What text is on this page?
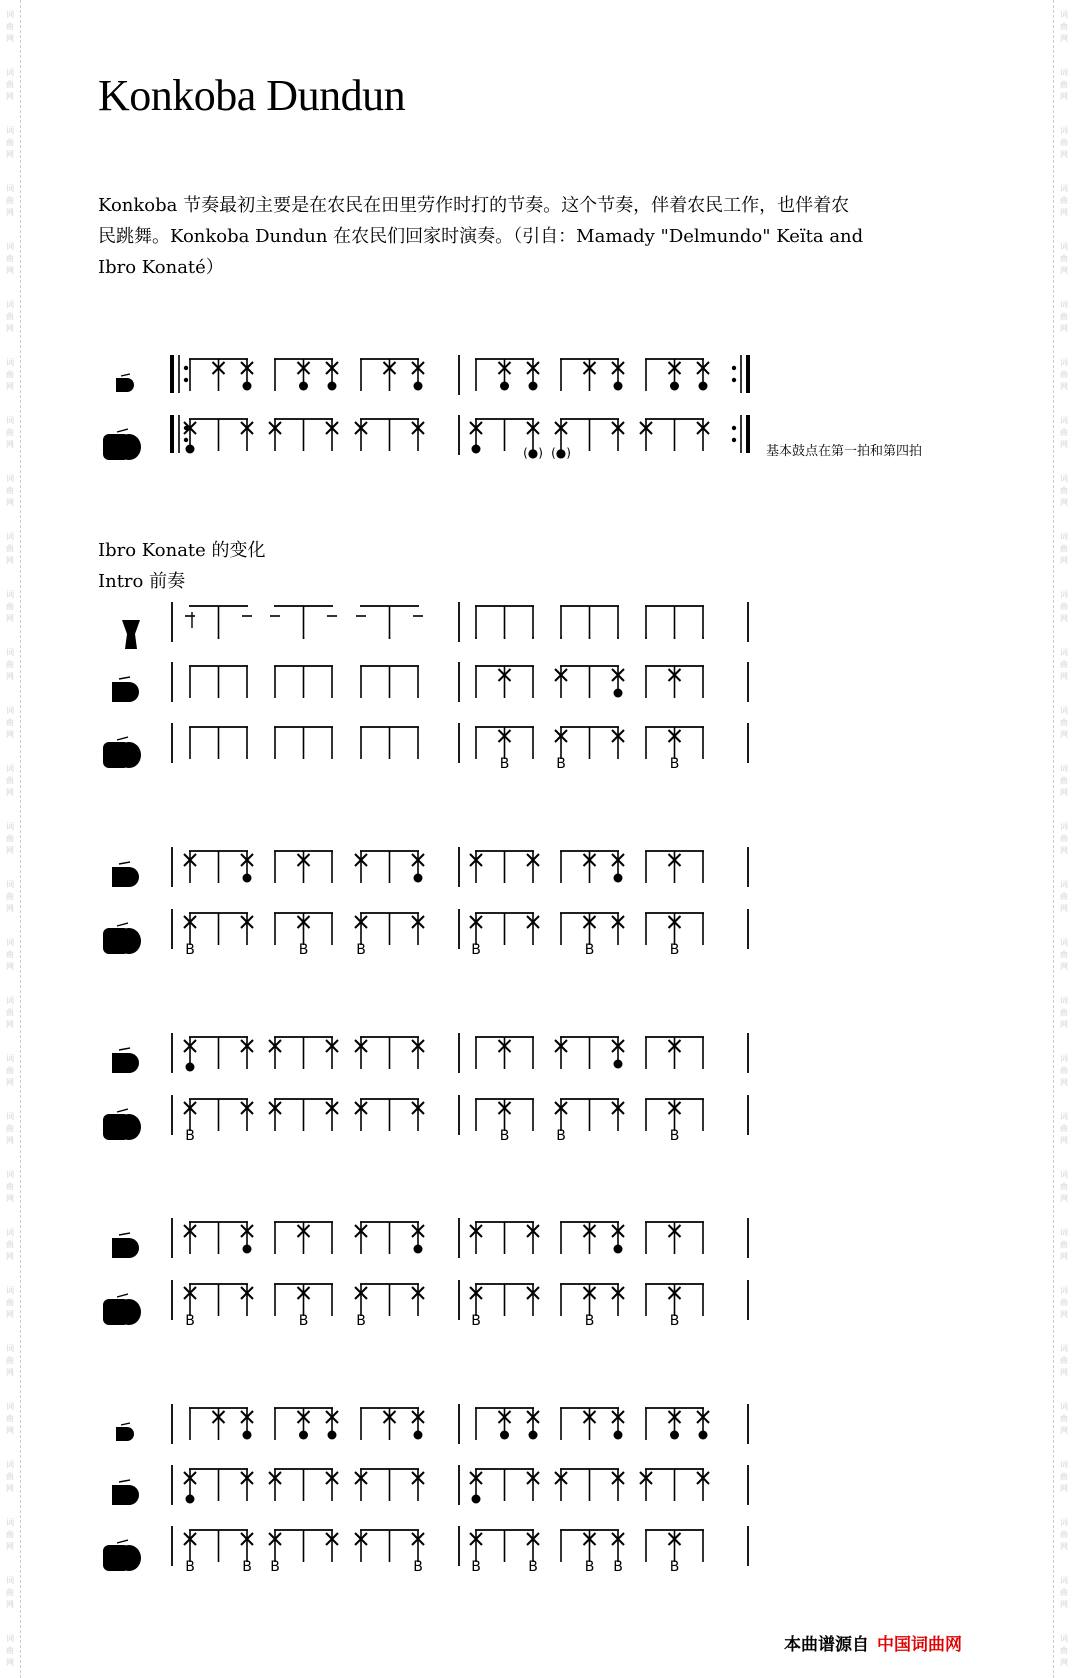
词
曲
网
词
曲
网
词
曲
网
词
曲
网
词
曲
网
词
曲
网
词
曲
网
词
曲
网
词
曲
网
词
曲
网
词
曲
网
词
曲
网
词
曲
网
词
曲
网
词
曲
网
词
曲
网
词
曲
网
词
曲
网
词
曲
网
词
曲
网
词
曲
网
词
曲
网
词
曲
网
词
曲
网
词
曲
网
词
曲
网
词
曲
网
词
曲
网
词
曲
网
词
曲
网
词
曲
网
词
曲
网
词
曲
网
词
曲
网
词
曲
网
词
曲
网
词
曲
网
词
曲
网
词
曲
网
词
曲
网
词
曲
网
词
曲
网
词
曲
网
词
曲
网
词
曲
网
词
曲
网
词
曲
网
词
曲
网
词
曲
网
词
曲
网
词
曲
网
词
曲
网
词
曲
网
词
曲
网
词
曲
网
词
曲
网
词
曲
网
词
曲
网
Konkoba Dundun

Konkoba 节奏最初主要是在农民在田里劳作时打的节奏。这个节奏，伴着农民工作，也伴着农

民跳舞。Konkoba Dundun 在农民们回家时演奏。（引自：Mamady "Delmundo" Keïta and

Ibro Konaté）

Ibro Konate 的变化
Intro 前奏
(●) (●)	基本鼓点在第一拍和第四拍
.	.	.	. . . . . . . . .
B	B	B
B	B	B	B	B	B
B	B	B	B
B	B	B	B	B	B
B	B B	B	B	B	B B	B
本曲谱源自 中国词曲网
